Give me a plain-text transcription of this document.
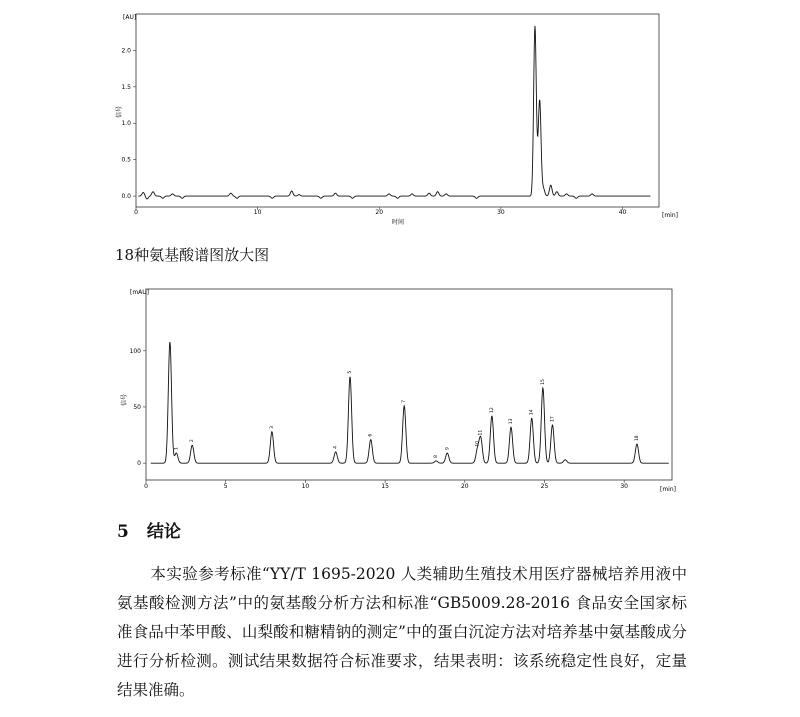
[AU]
[min]
时间
信号
0	10	20	30	40
0.0
0.5
1.0
1.5
2.0
[mAU]
[min]
信号
0	5	10	15	20	25	30
0
50
100
1
2
3
4
5
6
7
8
9
10
11
12
13
14
15
17
18
18种氨基酸谱图放大图
5 结论
本实验参考标准“YY/T 1695-2020 人类辅助生殖技术用医疗器械培养用液中氨基酸检测方法”中的氨基酸分析方法和标准“GB5009.28-2016 食品安全国家标准食品中苯甲酸、山梨酸和糖精钠的测定”中的蛋白沉淀方法对培养基中氨基酸成分进行分析检测。测试结果数据符合标准要求，结果表明：该系统稳定性良好，定量结果准确。
